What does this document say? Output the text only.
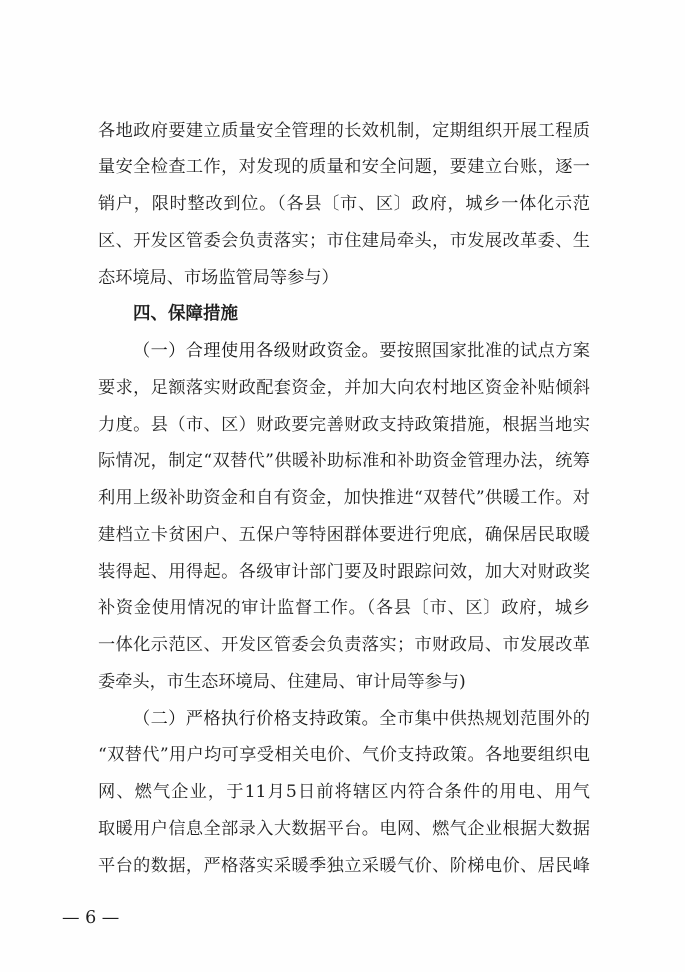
各地政府要建立质量安全管理的长效机制，定期组织开展工程质
量安全检查工作，对发现的质量和安全问题，要建立台账，逐一
销户，限时整改到位。（各县〔市、区〕政府，城乡一体化示范
区、开发区管委会负责落实；市住建局牵头，市发展改革委、生
态环境局、市场监管局等参与）
四、保障措施
（一）合理使用各级财政资金。要按照国家批准的试点方案
要求，足额落实财政配套资金，并加大向农村地区资金补贴倾斜
力度。县（市、区）财政要完善财政支持政策措施，根据当地实
际情况，制定“双替代”供暖补助标准和补助资金管理办法，统筹
利用上级补助资金和自有资金，加快推进“双替代”供暖工作。对
建档立卡贫困户、五保户等特困群体要进行兜底，确保居民取暖
装得起、用得起。各级审计部门要及时跟踪问效，加大对财政奖
补资金使用情况的审计监督工作。（各县〔市、区〕政府，城乡
一体化示范区、开发区管委会负责落实；市财政局、市发展改革
委牵头，市生态环境局、住建局、审计局等参与)
（二）严格执行价格支持政策。全市集中供热规划范围外的
“双替代”用户均可享受相关电价、气价支持政策。各地要组织电
网、燃气企业，于11月5日前将辖区内符合条件的用电、用气
取暖用户信息全部录入大数据平台。电网、燃气企业根据大数据
平台的数据，严格落实采暖季独立采暖气价、阶梯电价、居民峰
— 6 —
